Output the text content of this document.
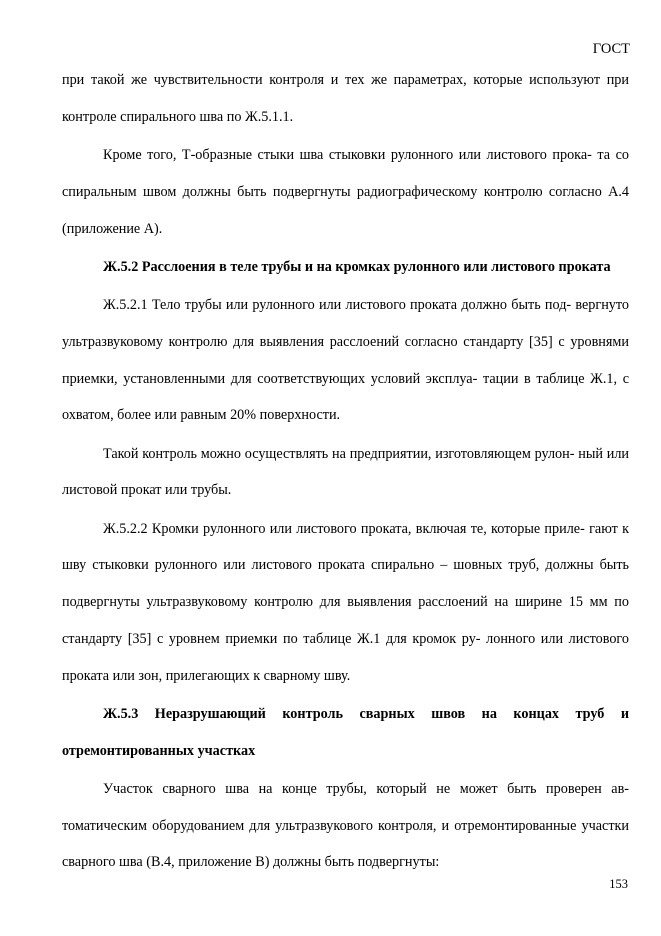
ГОСТ

при такой же чувствительности контроля и тех же параметрах, которые используют при контроле спирального шва по Ж.5.1.1.

Кроме того, Т-образные стыки шва стыковки рулонного или листового прока- та со спиральным швом должны быть подвергнуты радиографическому контролю согласно А.4 (приложение А).

Ж.5.2 Расслоения в теле трубы и на кромках рулонного или листового проката

Ж.5.2.1 Тело трубы или рулонного или листового проката должно быть под- вергнуто ультразвуковому контролю для выявления расслоений согласно стандарту [35] с уровнями приемки, установленными для соответствующих условий эксплуа- тации в таблице Ж.1, с охватом, более или равным 20% поверхности.

Такой контроль можно осуществлять на предприятии, изготовляющем рулон- ный или листовой прокат или трубы.

Ж.5.2.2 Кромки рулонного или листового проката, включая те, которые приле- гают к шву стыковки рулонного или листового проката спирально – шовных труб, должны быть подвергнуты ультразвуковому контролю для выявления расслоений на ширине 15 мм по стандарту [35] с уровнем приемки по таблице Ж.1 для кромок ру- лонного или листового проката или зон, прилегающих к сварному шву.

Ж.5.3 Неразрушающий контроль сварных швов на концах труб и отремонтированных участках

Участок сварного шва на конце трубы, который не может быть проверен ав- томатическим оборудованием для ультразвукового контроля, и отремонтированные участки сварного шва (В.4, приложение В) должны быть подвергнуты:

153
